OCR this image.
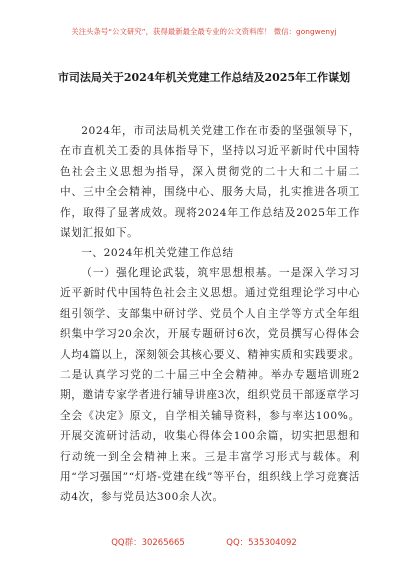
关注头条号“公文研究”，获得最新最全最专业的公文资料库！ 微信：gongwenyj
市司法局关于2024年机关党建工作总结及2025年工作谋划
2024年，市司法局机关党建工作在市委的坚强领导下，在市直机关工委的具体指导下，坚持以习近平新时代中国特色社会主义思想为指导，深入贯彻党的二十大和二十届二中、三中全会精神，围绕中心、服务大局，扎实推进各项工作，取得了显著成效。现将2024年工作总结及2025年工作谋划汇报如下。
一、2024年机关党建工作总结
（一）强化理论武装，筑牢思想根基。一是深入学习习近平新时代中国特色社会主义思想。通过党组理论学习中心组引领学、支部集中研讨学、党员个人自主学等方式全年组织集中学习20余次，开展专题研讨6次，党员撰写心得体会人均4篇以上，深刻领会其核心要义、精神实质和实践要求。二是认真学习党的二十届三中全会精神。举办专题培训班2期，邀请专家学者进行辅导讲座3次，组织党员干部逐章学习全会《决定》原文，自学相关辅导资料，参与率达100%。开展交流研讨活动，收集心得体会100余篇，切实把思想和行动统一到全会精神上来。三是丰富学习形式与载体。利用“学习强国”“灯塔-党建在线”等平台，组织线上学习竞赛活动4次，参与党员达300余人次。
QQ群：30265665	QQ：535304092
